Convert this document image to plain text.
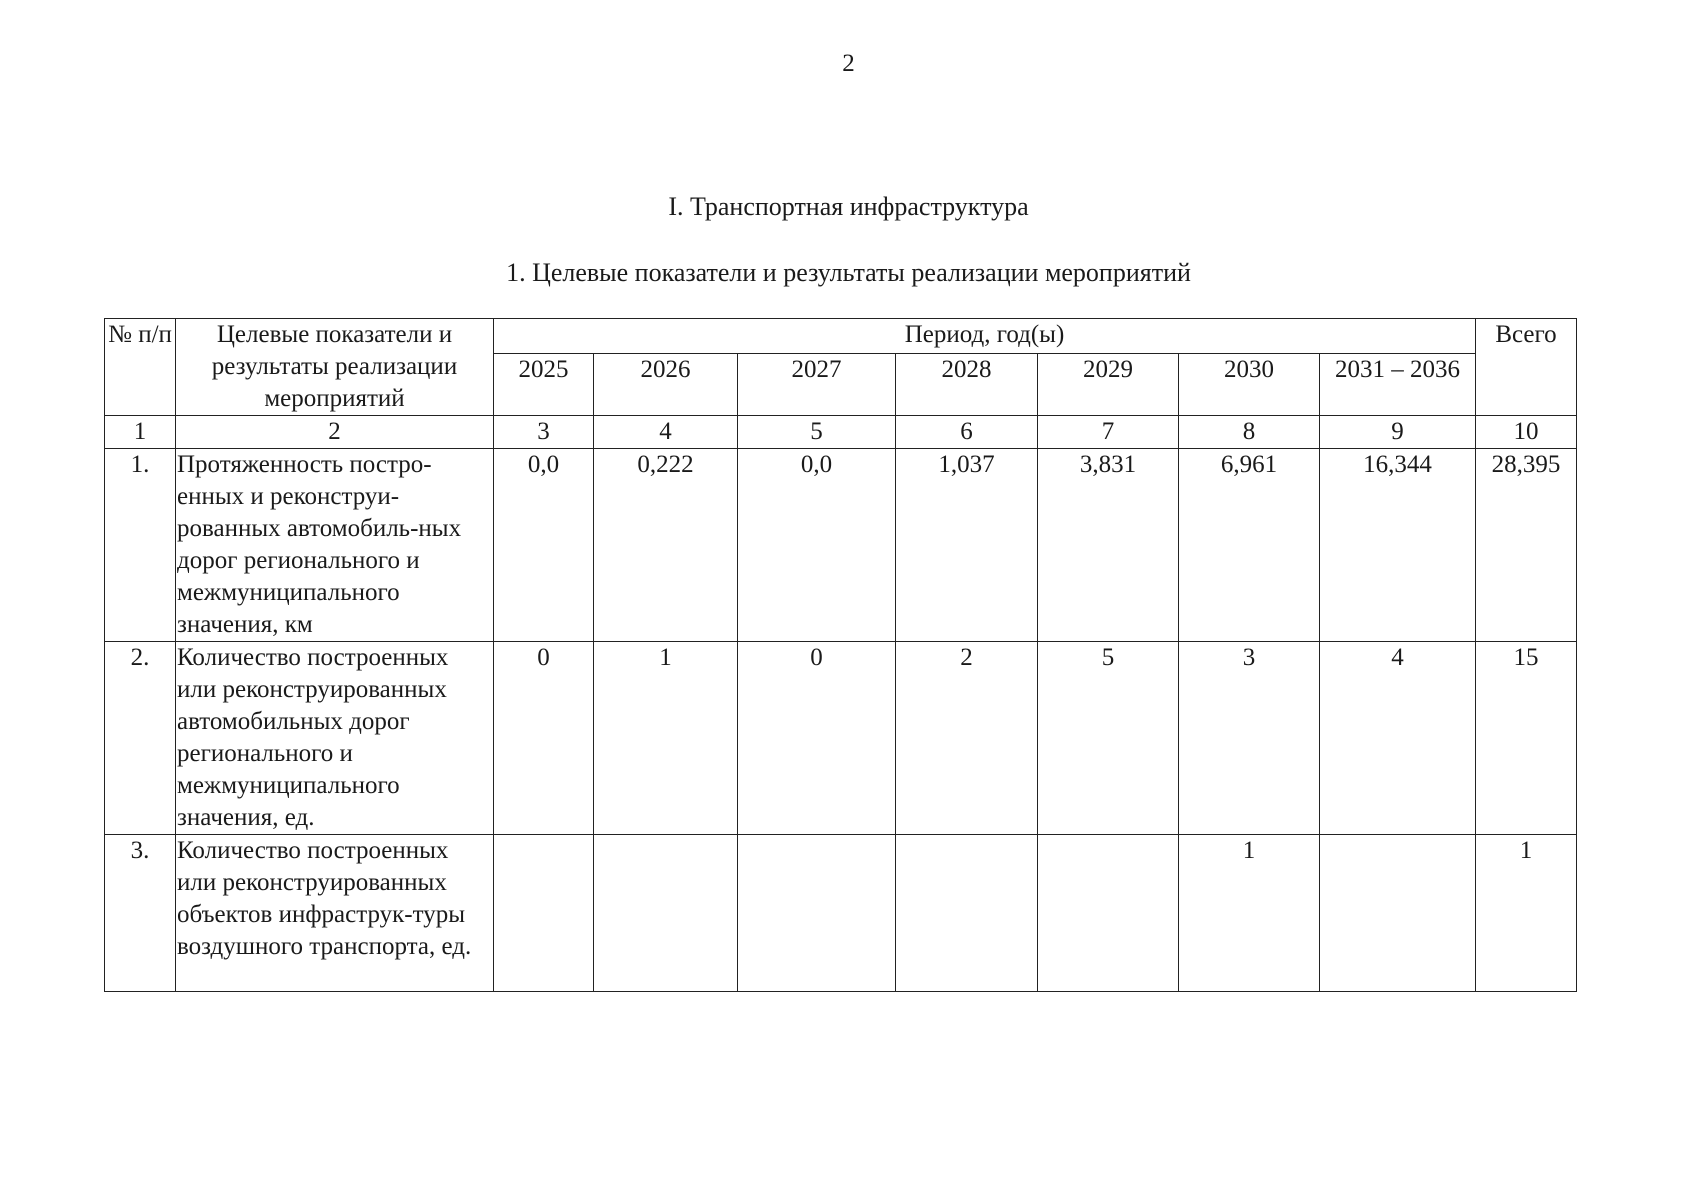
2
I. Транспортная инфраструктура
1. Целевые показатели и результаты реализации мероприятий
№ п/п	Целевые показатели и результаты реализации мероприятий	Период, год(ы)							Всего
		2025	2026	2027	2028	2029	2030	2031 – 2036	
1	2	3	4	5	6	7	8	9	10
1.	Протяженность постро-енных и реконструи-рованных автомобиль-ных дорог регионального и межмуниципального значения, км	0,0	0,222	0,0	1,037	3,831	6,961	16,344	28,395
2.	Количество построенных или реконструированных автомобильных дорог регионального и межмуниципального значения, ед.	0	1	0	2	5	3	4	15
3.	Количество построенных или реконструированных объектов инфраструк-туры воздушного транспорта, ед.						1		1
